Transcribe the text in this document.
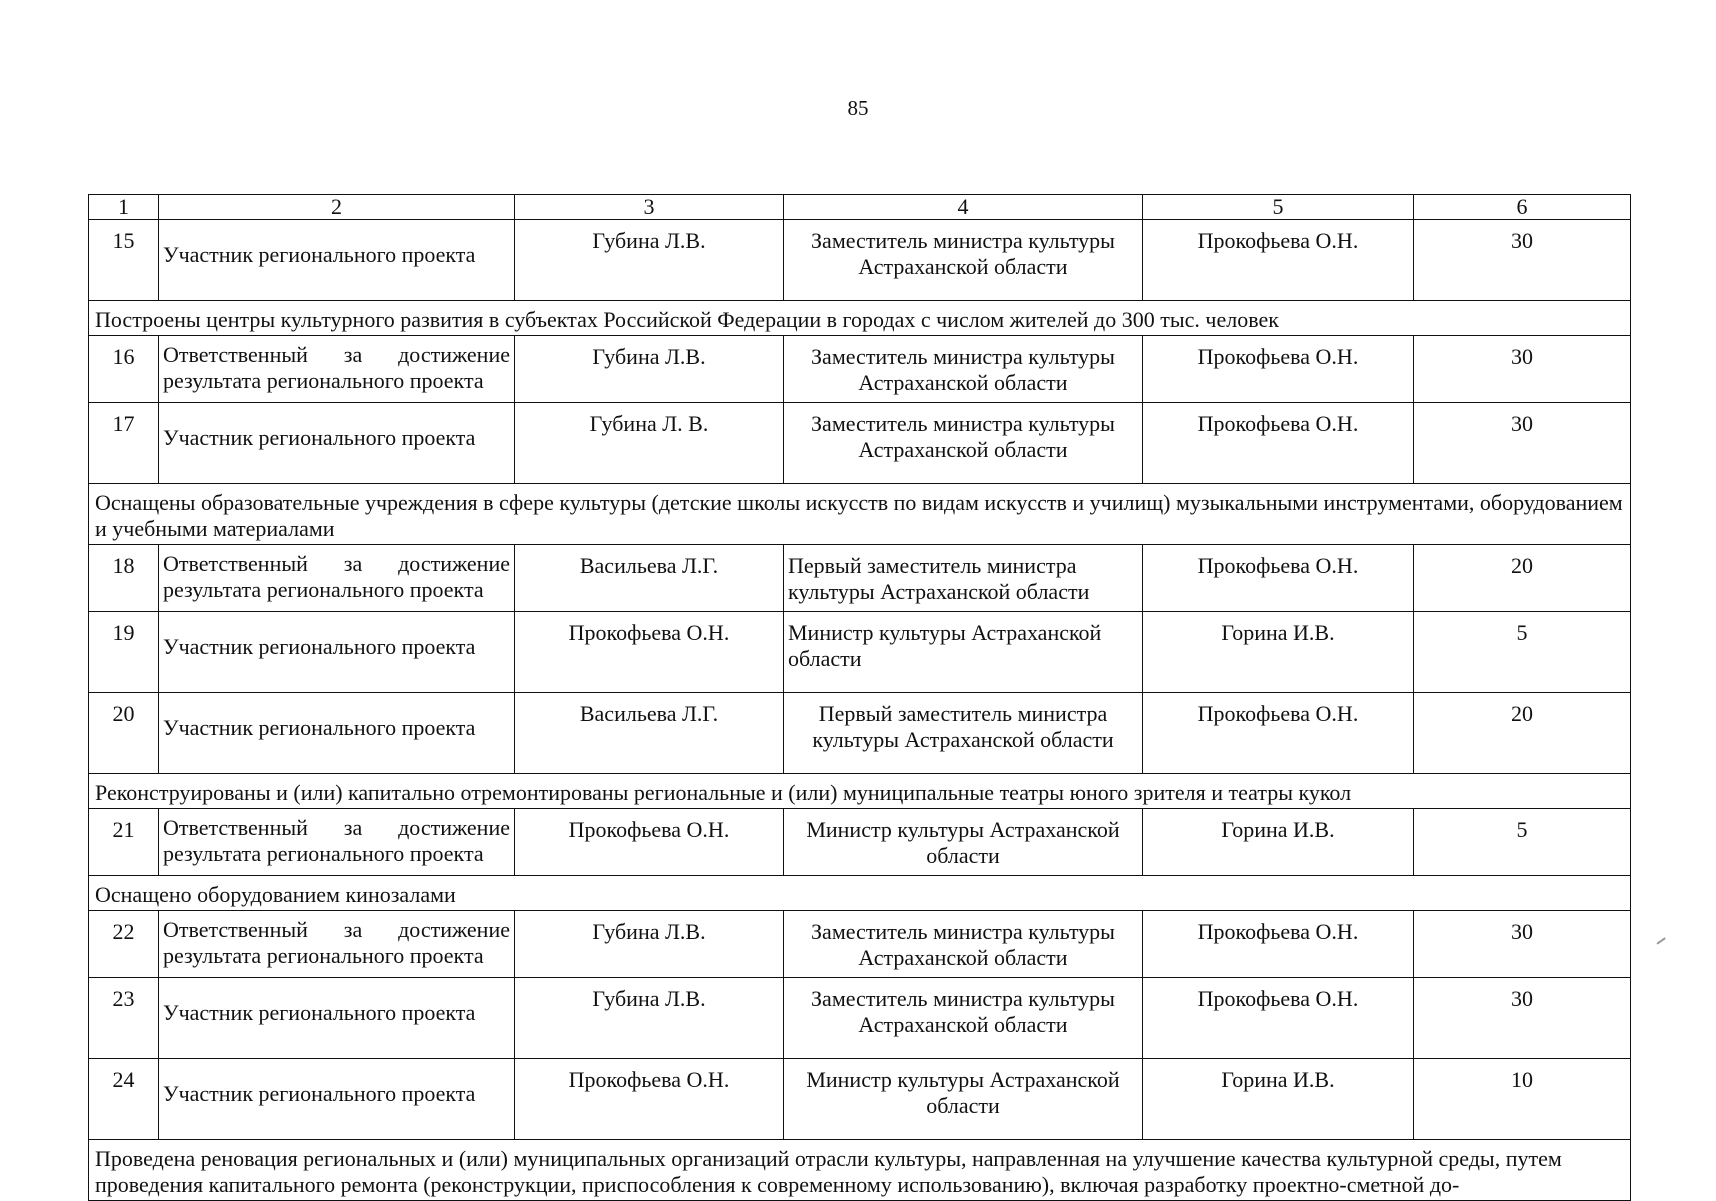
85
1	2	3	4	5	6
15	Участник регионального проекта	Губина Л.В.	Заместитель министра культуры Астраханской области	Прокофьева О.Н.	30
Построены центры культурного развития в субъектах Российской Федерации в городах с числом жителей до 300 тыс. человек					
16	Ответственный за достижение результата регионального проекта	Губина Л.В.	Заместитель министра культуры Астраханской области	Прокофьева О.Н.	30
17	Участник регионального проекта	Губина Л. В.	Заместитель министра культуры Астраханской области	Прокофьева О.Н.	30
Оснащены образовательные учреждения в сфере культуры (детские школы искусств по видам искусств и училищ) музыкальными инструментами, оборудованием и учебными материалами					
18	Ответственный за достижение результата регионального проекта	Васильева Л.Г.	Первый заместитель министра культуры Астраханской области	Прокофьева О.Н.	20
19	Участник регионального проекта	Прокофьева О.Н.	Министр культуры Астраханской области	Горина И.В.	5
20	Участник регионального проекта	Васильева Л.Г.	Первый заместитель министра культуры Астраханской области	Прокофьева О.Н.	20
Реконструированы и (или) капитально отремонтированы региональные и (или) муниципальные театры юного зрителя и театры кукол					
21	Ответственный за достижение результата регионального проекта	Прокофьева О.Н.	Министр культуры Астраханской области	Горина И.В.	5
Оснащено оборудованием кинозалами					
22	Ответственный за достижение результата регионального проекта	Губина Л.В.	Заместитель министра культуры Астраханской области	Прокофьева О.Н.	30
23	Участник регионального проекта	Губина Л.В.	Заместитель министра культуры Астраханской области	Прокофьева О.Н.	30
24	Участник регионального проекта	Прокофьева О.Н.	Министр культуры Астраханской области	Горина И.В.	10
Проведена реновация региональных и (или) муниципальных организаций отрасли культуры, направленная на улучшение качества культурной среды, путем проведения капитального ремонта (реконструкции, приспособления к современному использованию), включая разработку проектно-сметной до-					
